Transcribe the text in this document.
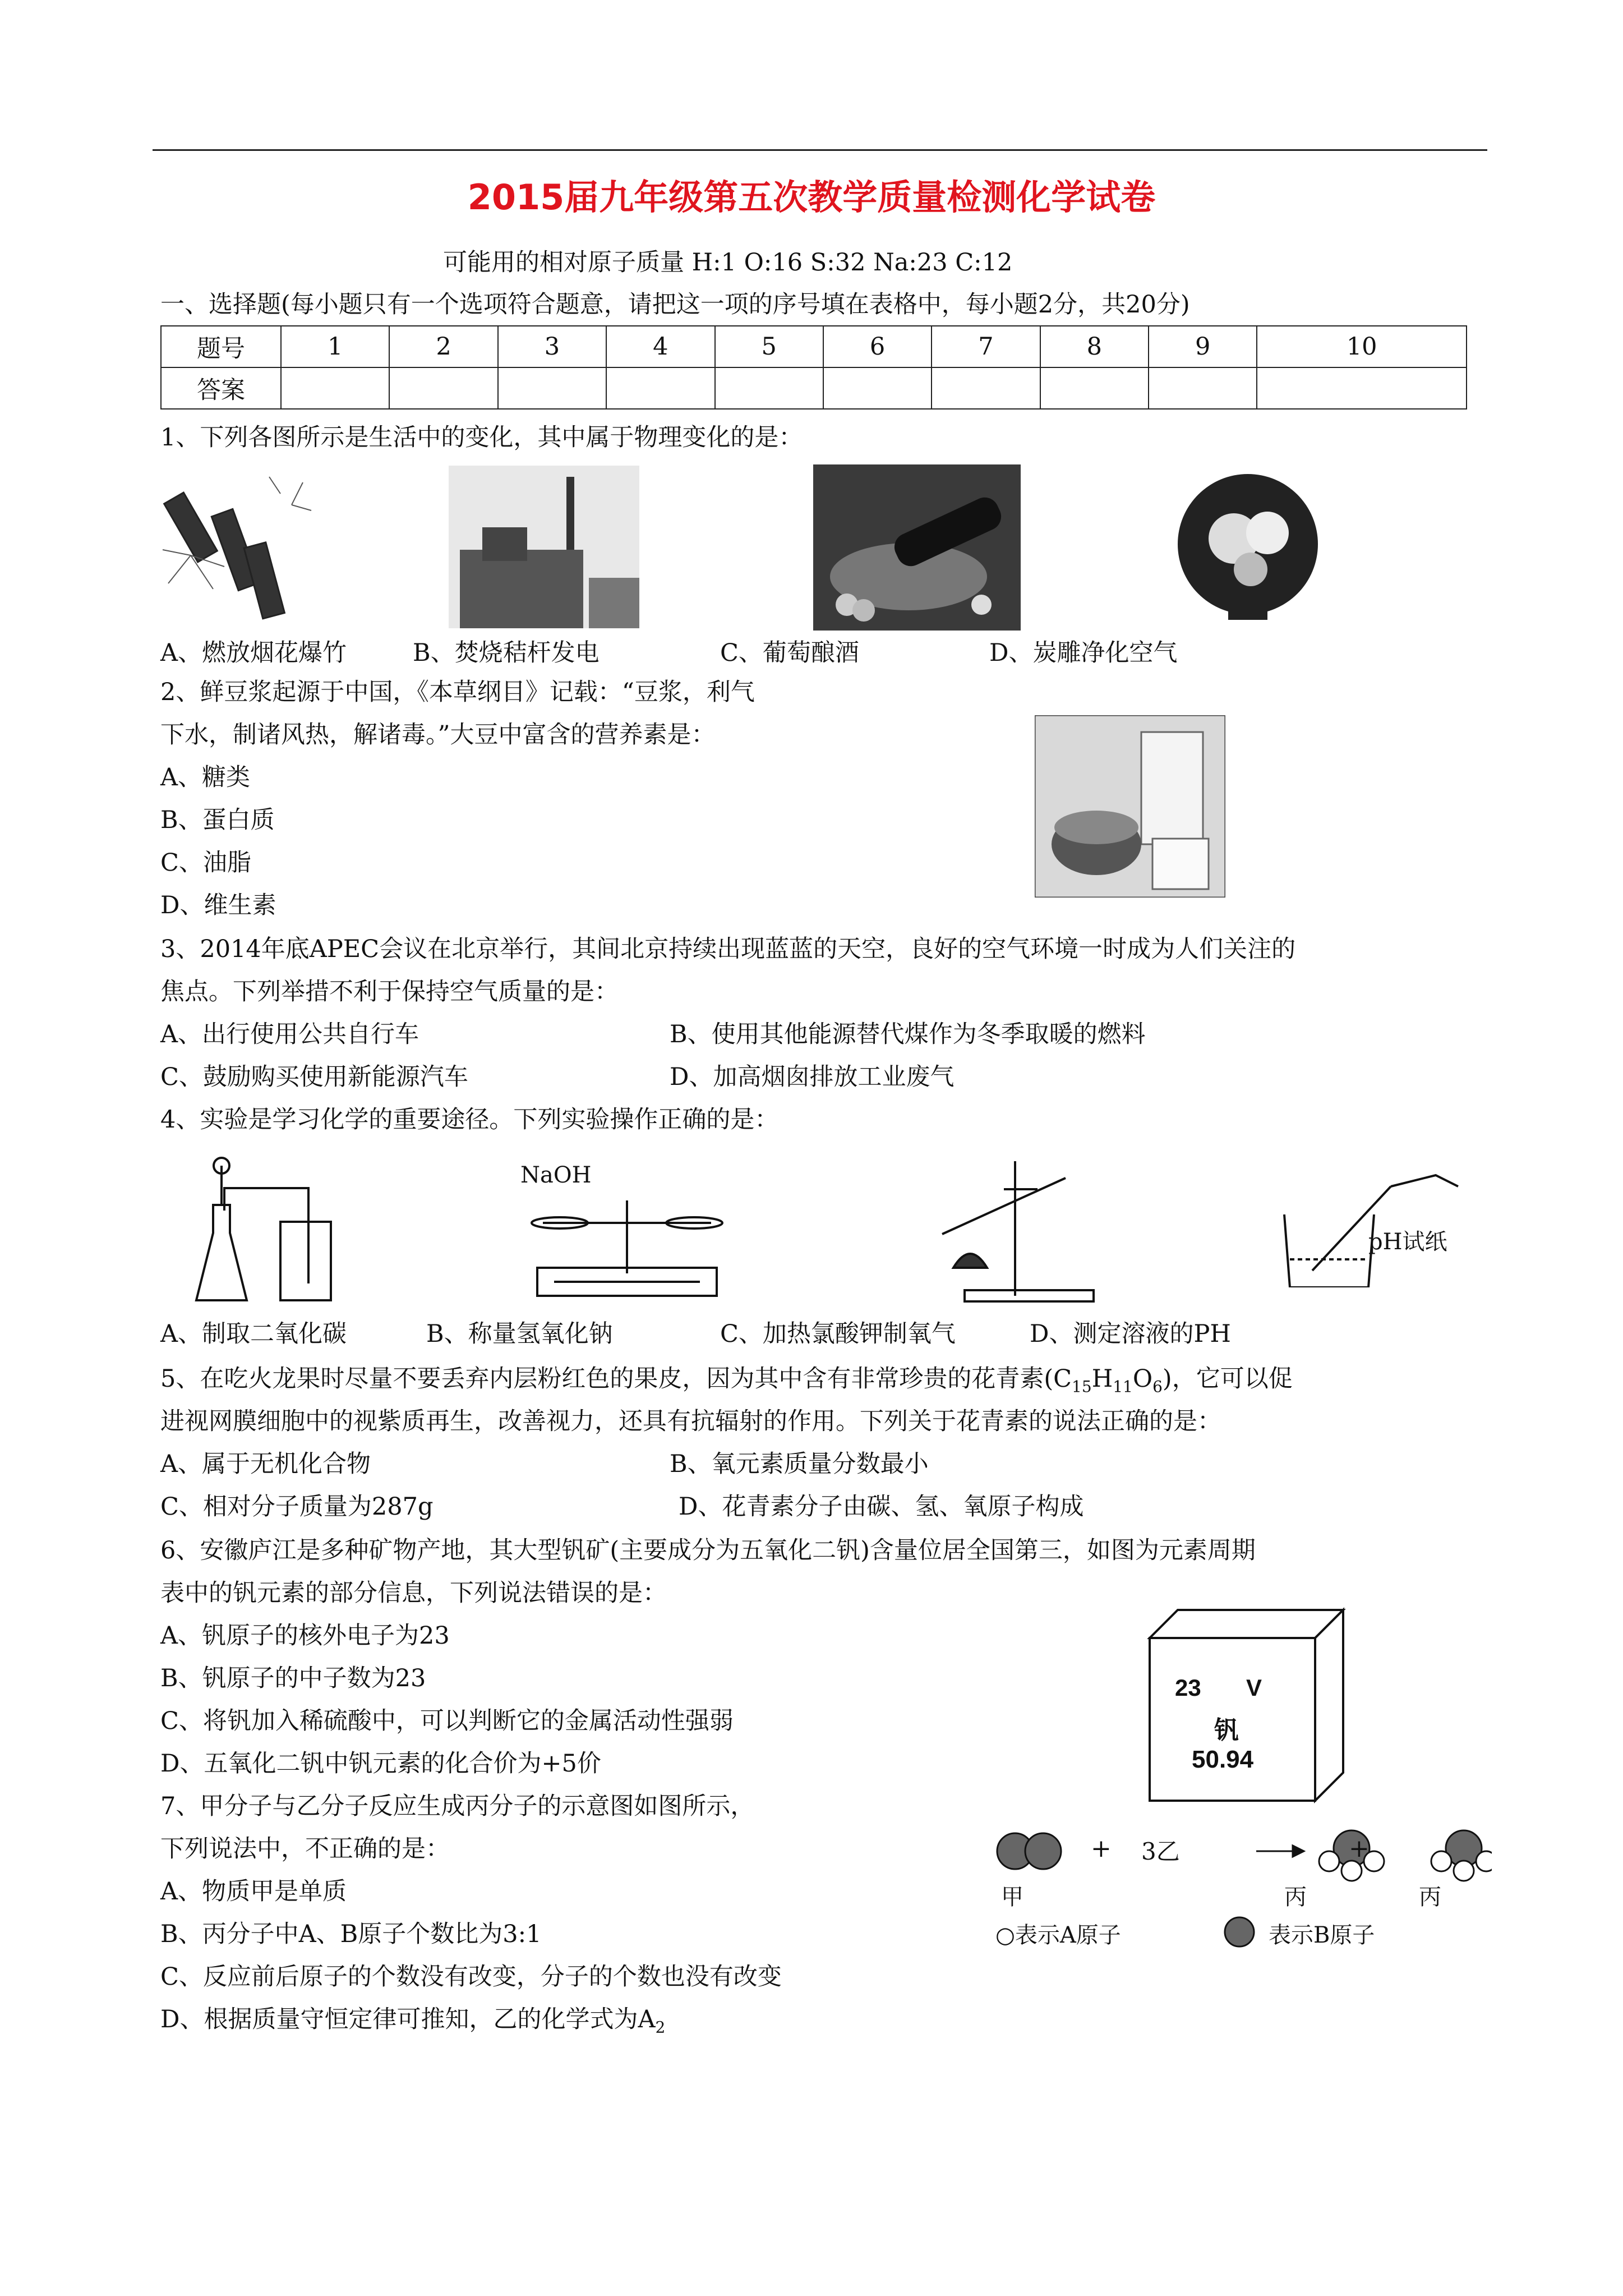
2015届九年级第五次教学质量检测化学试卷
可能用的相对原子质量 H:1 O:16 S:32 Na:23 C:12
一、选择题(每小题只有一个选项符合题意，请把这一项的序号填在表格中，每小题2分，共20分)
题号	1	2	3	4	5	6	7	8	9	10
答案										
1、下列各图所示是生活中的变化，其中属于物理变化的是：
A、燃放烟花爆竹	B、焚烧秸杆发电	C、葡萄酿酒	D、炭雕净化空气
2、鲜豆浆起源于中国，《本草纲目》记载：“豆浆，利气
下水，制诸风热，解诸毒。”大豆中富含的营养素是：
A、糖类
B、蛋白质
C、油脂
D、维生素
3、2014年底APEC会议在北京举行，其间北京持续出现蓝蓝的天空，良好的空气环境一时成为人们关注的
焦点。下列举措不利于保持空气质量的是：
A、出行使用公共自行车	B、使用其他能源替代煤作为冬季取暖的燃料
C、鼓励购买使用新能源汽车	D、加高烟囱排放工业废气
4、实验是学习化学的重要途径。下列实验操作正确的是：
NaOH
pH试纸
A、制取二氧化碳	B、称量氢氧化钠	C、加热氯酸钾制氧气	D、测定溶液的PH
5、在吃火龙果时尽量不要丢弃内层粉红色的果皮，因为其中含有非常珍贵的花青素$(C_{15}H_{11}O_6)$，它可以促
进视网膜细胞中的视紫质再生，改善视力，还具有抗辐射的作用。下列关于花青素的说法正确的是：
A、属于无机化合物	B、氧元素质量分数最小
C、相对分子质量为287g	D、花青素分子由碳、氢、氧原子构成
6、安徽庐江是多种矿物产地，其大型钒矿(主要成分为五氧化二钒)含量位居全国第三，如图为元素周期
表中的钒元素的部分信息，下列说法错误的是：
A、钒原子的核外电子为23
B、钒原子的中子数为23
C、将钒加入稀硫酸中，可以判断它的金属活动性强弱
D、五氧化二钒中钒元素的化合价为+5价
23 V
钒
50.94
7、甲分子与乙分子反应生成丙分子的示意图如图所示，
下列说法中，不正确的是：
A、物质甲是单质
B、丙分子中A、B原子个数比为3:1
C、反应前后原子的个数没有改变，分子的个数也没有改变
D、根据质量守恒定律可推知，乙的化学式为$A_2$
+ 3乙	+
甲	丙	丙
○表示A原子	表示B原子
